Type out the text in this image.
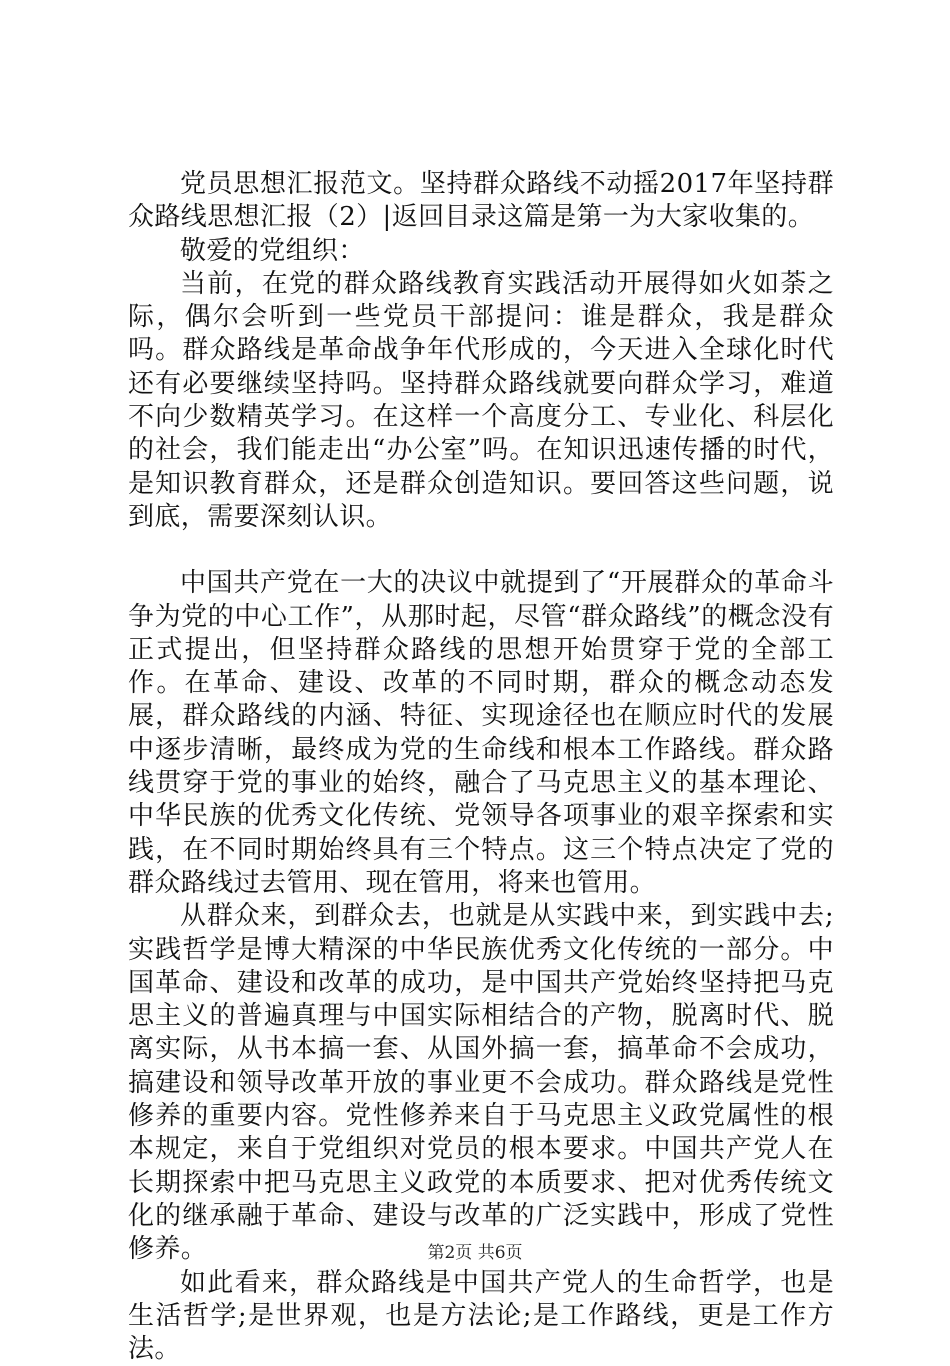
党员思想汇报范文。坚持群众路线不动摇2017年坚持群众路线思想汇报（2）|返回目录这篇是第一为大家收集的。

敬爱的党组织：

当前，在党的群众路线教育实践活动开展得如火如荼之际，偶尔会听到一些党员干部提问：谁是群众，我是群众吗。群众路线是革命战争年代形成的，今天进入全球化时代还有必要继续坚持吗。坚持群众路线就要向群众学习，难道不向少数精英学习。在这样一个高度分工、专业化、科层化的社会，我们能走出“办公室”吗。在知识迅速传播的时代，是知识教育群众，还是群众创造知识。要回答这些问题，说到底，需要深刻认识。

中国共产党在一大的决议中就提到了“开展群众的革命斗争为党的中心工作”，从那时起，尽管“群众路线”的概念没有正式提出，但坚持群众路线的思想开始贯穿于党的全部工作。在革命、建设、改革的不同时期，群众的概念动态发展，群众路线的内涵、特征、实现途径也在顺应时代的发展中逐步清晰，最终成为党的生命线和根本工作路线。群众路线贯穿于党的事业的始终，融合了马克思主义的基本理论、中华民族的优秀文化传统、党领导各项事业的艰辛探索和实践，在不同时期始终具有三个特点。这三个特点决定了党的群众路线过去管用、现在管用，将来也管用。

从群众来，到群众去，也就是从实践中来，到实践中去;实践哲学是博大精深的中华民族优秀文化传统的一部分。中国革命、建设和改革的成功，是中国共产党始终坚持把马克思主义的普遍真理与中国实际相结合的产物，脱离时代、脱离实际，从书本搞一套、从国外搞一套，搞革命不会成功，搞建设和领导改革开放的事业更不会成功。群众路线是党性修养的重要内容。党性修养来自于马克思主义政党属性的根本规定，来自于党组织对党员的根本要求。中国共产党人在长期探索中把马克思主义政党的本质要求、把对优秀传统文化的继承融于革命、建设与改革的广泛实践中，形成了党性修养。

如此看来，群众路线是中国共产党人的生命哲学，也是生活哲学;是世界观，也是方法论;是工作路线，更是工作方法。

第2页 共6页
